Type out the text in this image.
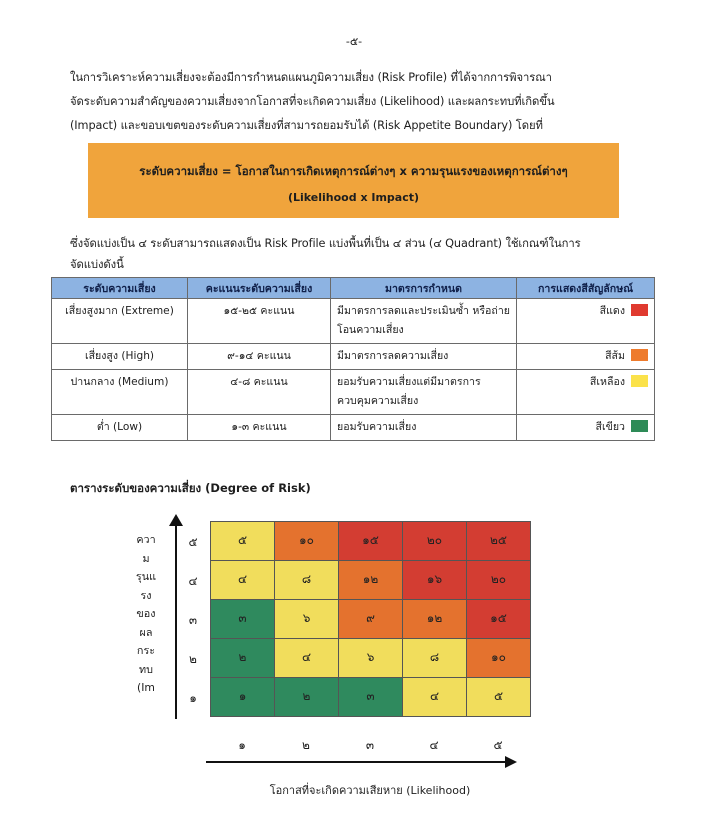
-๕-
ในการวิเคราะห์ความเสี่ยงจะต้องมีการกำหนดแผนภูมิความเสี่ยง (Risk Profile) ที่ได้จากการพิจารณา
จัดระดับความสำคัญของความเสี่ยงจากโอกาสที่จะเกิดความเสี่ยง (Likelihood) และผลกระทบที่เกิดขึ้น
(Impact) และขอบเขตของระดับความเสี่ยงที่สามารถยอมรับได้ (Risk Appetite Boundary) โดยที่
ระดับความเสี่ยง = โอกาสในการเกิดเหตุการณ์ต่างๆ x ความรุนแรงของเหตุการณ์ต่างๆ
(Likelihood x Impact)
ซึ่งจัดแบ่งเป็น ๔ ระดับสามารถแสดงเป็น Risk Profile แบ่งพื้นที่เป็น ๔ ส่วน (๔ Quadrant) ใช้เกณฑ์ในการ
จัดแบ่งดังนี้
ระดับความเสี่ยง	คะแนนระดับความเสี่ยง	มาตรการกำหนด	การแสดงสีสัญลักษณ์
เสี่ยงสูงมาก (Extreme)	๑๕-๒๕ คะแนน	มีมาตรการลดและประเมินซ้ำ หรือถ่ายโอนความเสี่ยง	สีแดง
เสี่ยงสูง (High)	๙-๑๔ คะแนน	มีมาตรการลดความเสี่ยง	สีส้ม
ปานกลาง (Medium)	๔-๘ คะแนน	ยอมรับความเสี่ยงแต่มีมาตรการ ควบคุมความเสี่ยง	สีเหลือง
ต่ำ (Low)	๑-๓ คะแนน	ยอมรับความเสี่ยง	สีเขียว
ตารางระดับของความเสี่ยง (Degree of Risk)
ควา
ม
รุนแ
รง
ของ
ผล
กระ
ทบ
(Im
๕	๑๐	๑๕	๒๐	๒๕
๔	๘	๑๒	๑๖	๒๐
๓	๖	๙	๑๒	๑๕
๒	๔	๖	๘	๑๐
๑	๒	๓	๔	๕
๕
๔
๓
๒
๑
๑	๒	๓	๔	๕
โอกาสที่จะเกิดความเสียหาย (Likelihood)
